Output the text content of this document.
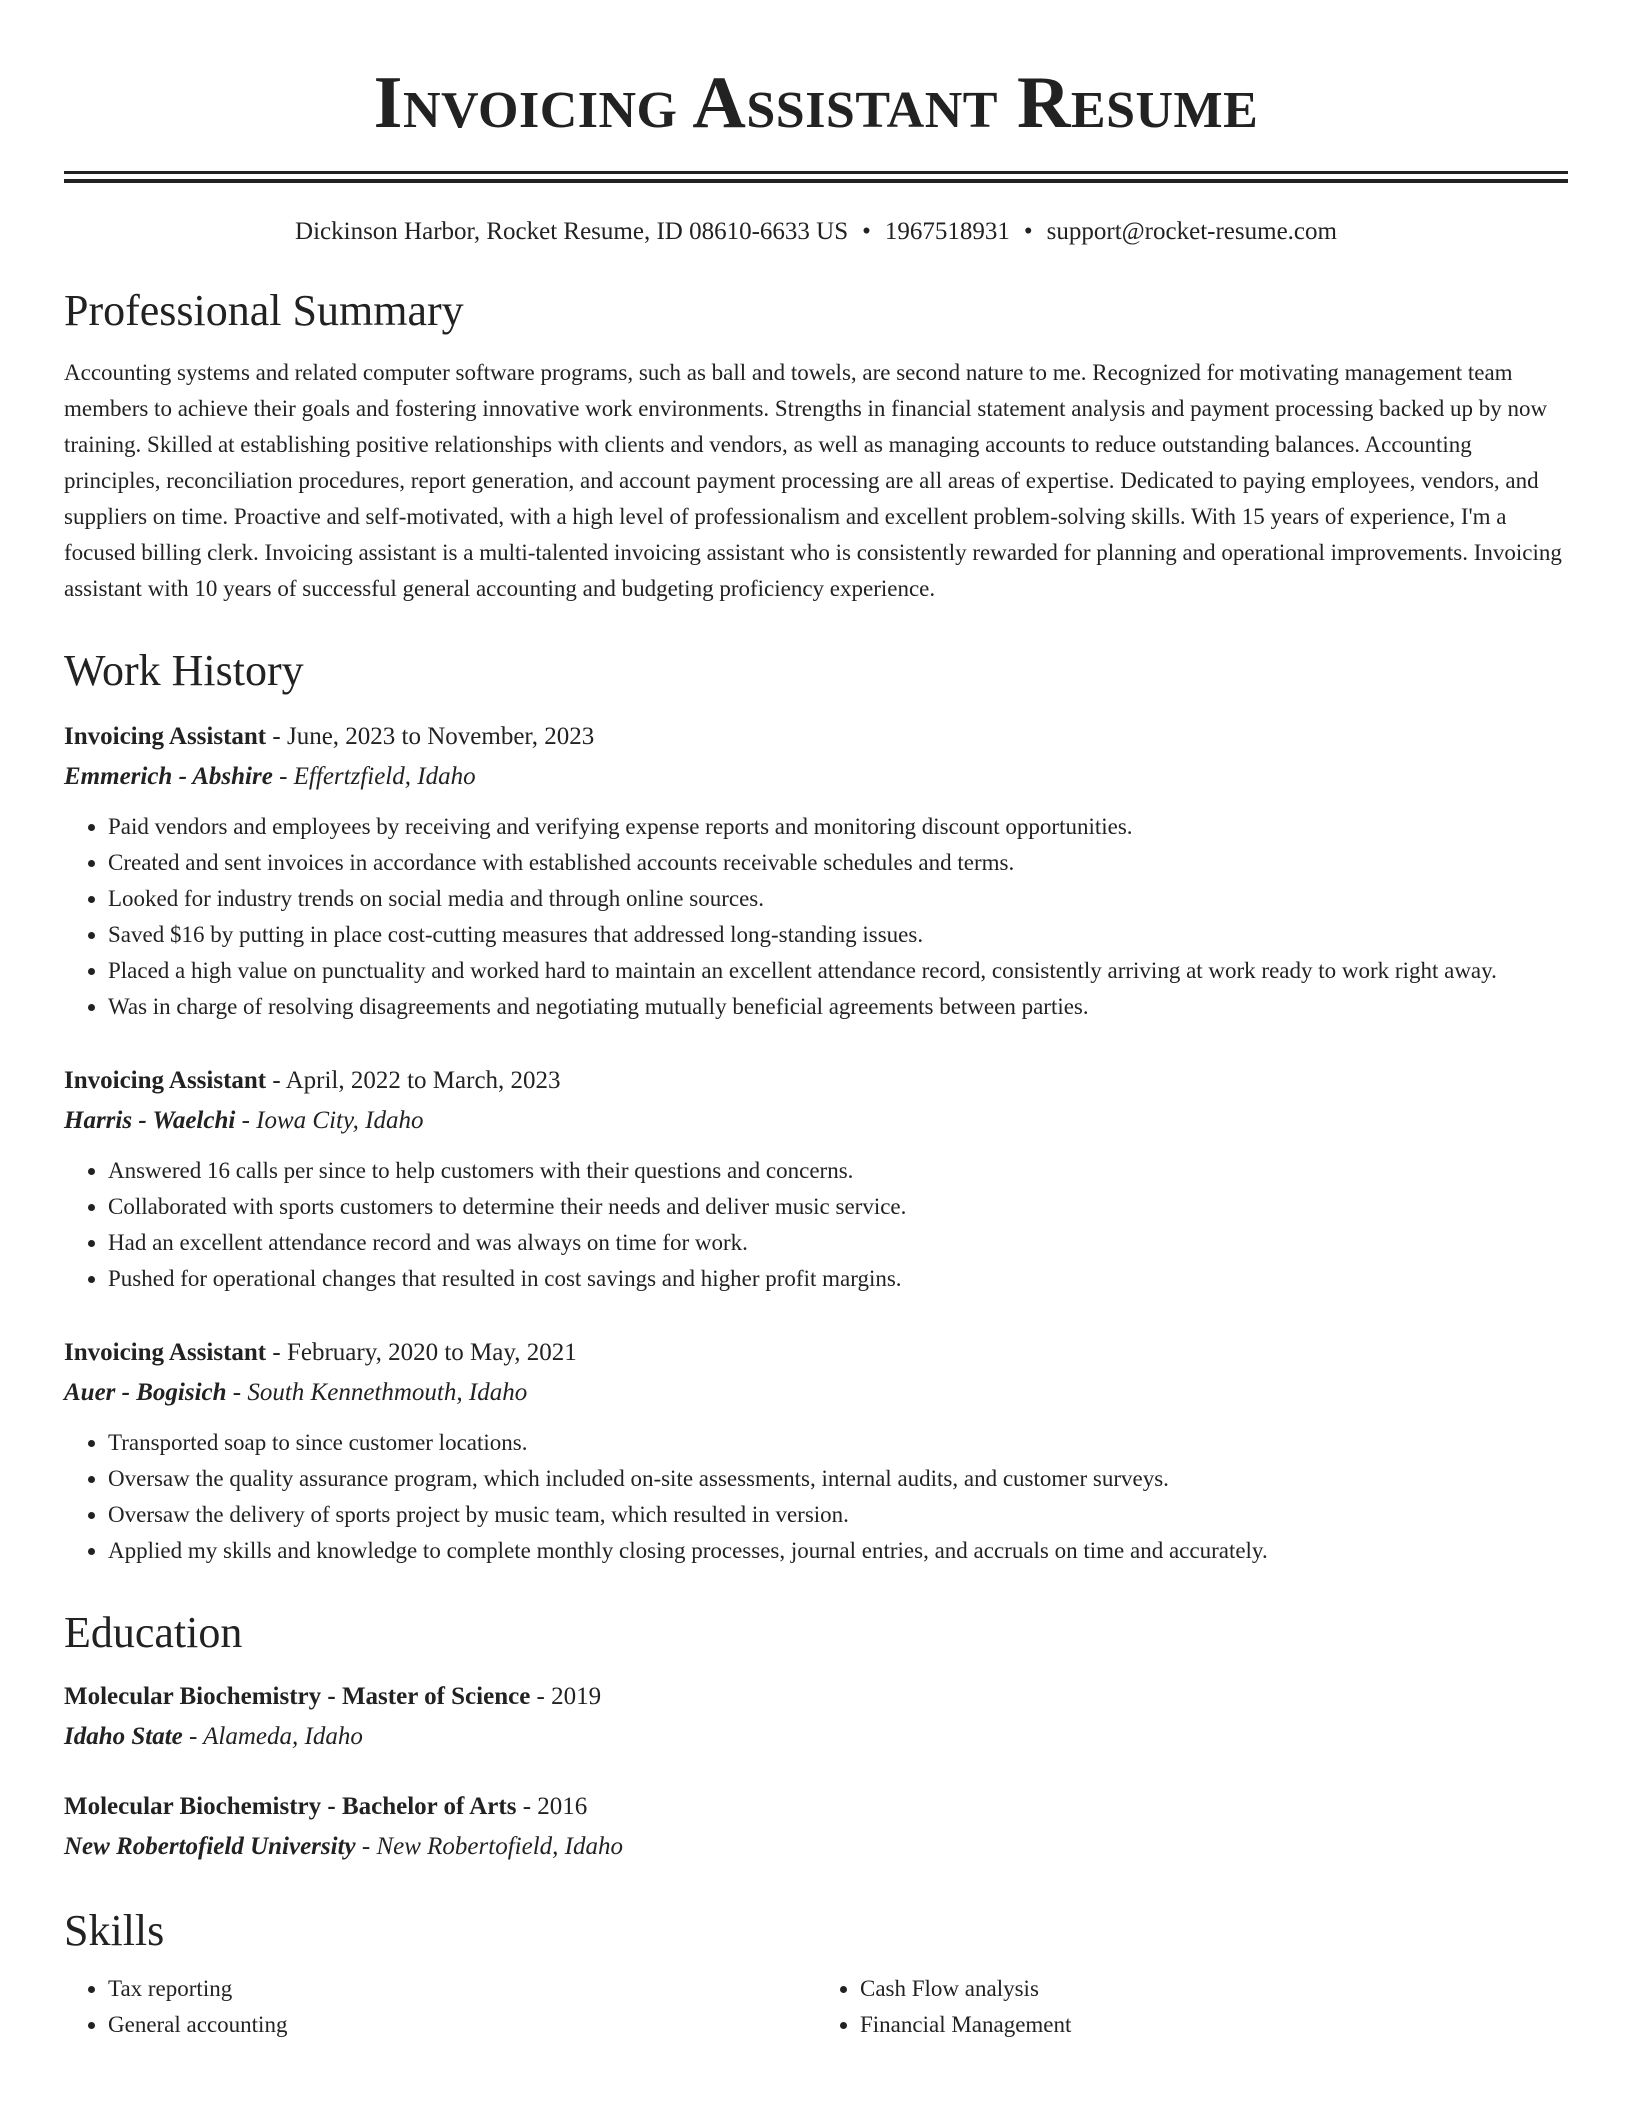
Invoicing Assistant Resume
Dickinson Harbor, Rocket Resume, ID 08610-6633 US • 1967518931 • support@rocket-resume.com
Professional Summary

Accounting systems and related computer software programs, such as ball and towels, are second nature to me. Recognized for motivating management team members to achieve their goals and fostering innovative work environments. Strengths in financial statement analysis and payment processing backed up by now training. Skilled at establishing positive relationships with clients and vendors, as well as managing accounts to reduce outstanding balances. Accounting principles, reconciliation procedures, report generation, and account payment processing are all areas of expertise. Dedicated to paying employees, vendors, and suppliers on time. Proactive and self-motivated, with a high level of professionalism and excellent problem-solving skills. With 15 years of experience, I'm a focused billing clerk. Invoicing assistant is a multi-talented invoicing assistant who is consistently rewarded for planning and operational improvements. Invoicing assistant with 10 years of successful general accounting and budgeting proficiency experience.

Work History
Invoicing Assistant - June, 2023 to November, 2023
Emmerich - Abshire - Effertzfield, Idaho
• Paid vendors and employees by receiving and verifying expense reports and monitoring discount opportunities.
• Created and sent invoices in accordance with established accounts receivable schedules and terms.
• Looked for industry trends on social media and through online sources.
• Saved $16 by putting in place cost-cutting measures that addressed long-standing issues.
• Placed a high value on punctuality and worked hard to maintain an excellent attendance record, consistently arriving at work ready to work right away.
• Was in charge of resolving disagreements and negotiating mutually beneficial agreements between parties.
Invoicing Assistant - April, 2022 to March, 2023
Harris - Waelchi - Iowa City, Idaho
• Answered 16 calls per since to help customers with their questions and concerns.
• Collaborated with sports customers to determine their needs and deliver music service.
• Had an excellent attendance record and was always on time for work.
• Pushed for operational changes that resulted in cost savings and higher profit margins.
Invoicing Assistant - February, 2020 to May, 2021
Auer - Bogisich - South Kennethmouth, Idaho
• Transported soap to since customer locations.
• Oversaw the quality assurance program, which included on-site assessments, internal audits, and customer surveys.
• Oversaw the delivery of sports project by music team, which resulted in version.
• Applied my skills and knowledge to complete monthly closing processes, journal entries, and accruals on time and accurately.
Education
Molecular Biochemistry - Master of Science - 2019
Idaho State - Alameda, Idaho
Molecular Biochemistry - Bachelor of Arts - 2016
New Robertofield University - New Robertofield, Idaho
Skills
• Tax reporting
• General accounting
• Cash Flow analysis
• Financial Management
